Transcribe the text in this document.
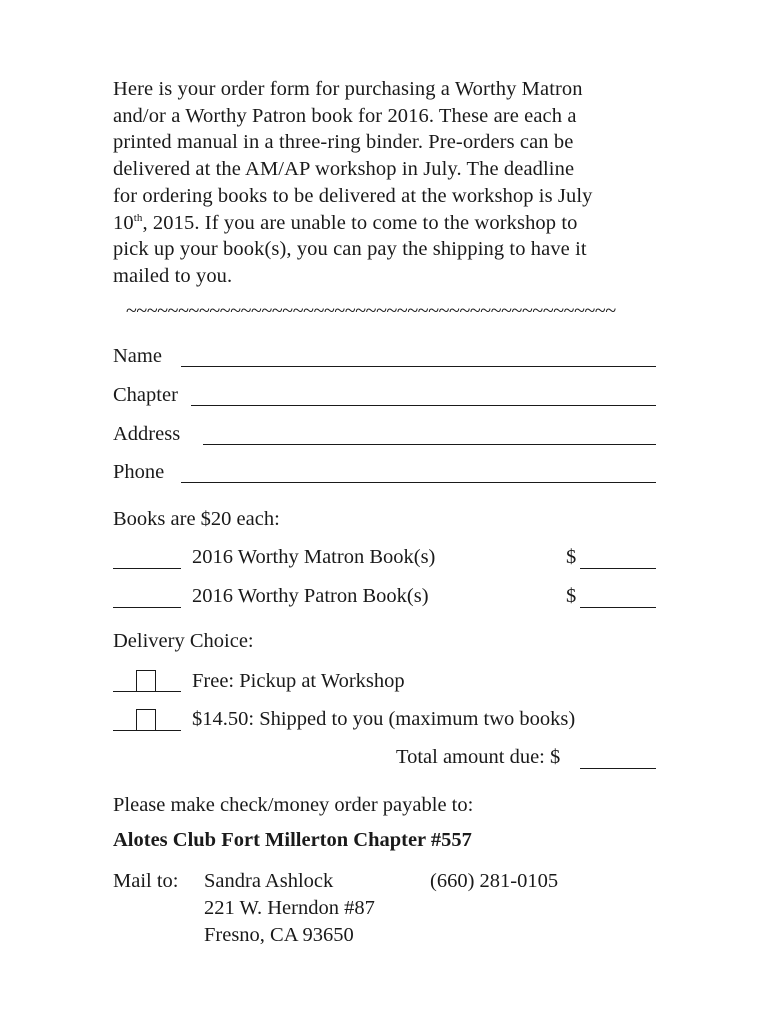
Here is your order form for purchasing a Worthy Matron
and/or a Worthy Patron book for 2016. These are each a
printed manual in a three-ring binder. Pre-orders can be
delivered at the AM/AP workshop in July. The deadline
for ordering books to be delivered at the workshop is July
10th, 2015. If you are unable to come to the workshop to
pick up your book(s), you can pay the shipping to have it
mailed to you.
~~~~~~~~~~~~~~~~~~~~~~~~~~~~~~~~~~~~~~~~~~~~~~~
Name
Chapter
Address
Phone
Books are $20 each:
2016 Worthy Matron Book(s)	$
2016 Worthy Patron Book(s)	$
Delivery Choice:
Free: Pickup at Workshop
$14.50: Shipped to you (maximum two books)
Total amount due: $
Please make check/money order payable to:
Alotes Club Fort Millerton Chapter #557
Mail to: Sandra Ashlock	(660) 281-0105
221 W. Herndon #87
Fresno, CA 93650
